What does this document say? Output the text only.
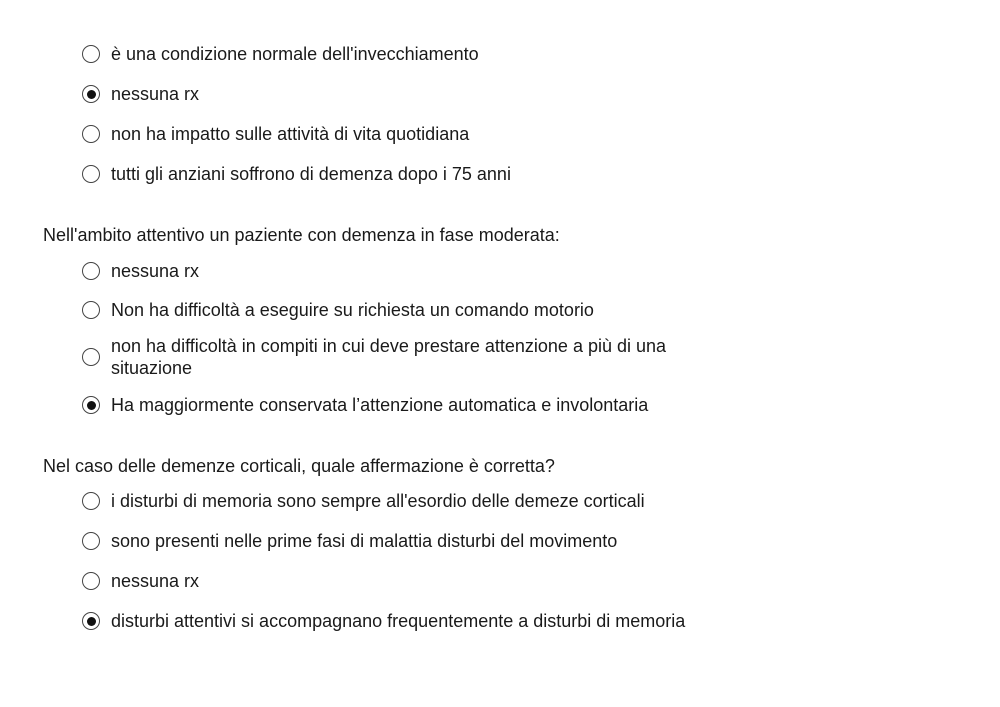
è una condizione normale dell'invecchiamento
nessuna rx
non ha impatto sulle attività di vita quotidiana
tutti gli anziani soffrono di demenza dopo i 75 anni
Nell'ambito attentivo un paziente con demenza in fase moderata:
nessuna rx
Non ha difficoltà a eseguire su richiesta un comando motorio
non ha difficoltà in compiti in cui deve prestare attenzione a più di una situazione
Ha maggiormente conservata l’attenzione automatica e involontaria
Nel caso delle demenze corticali, quale affermazione è corretta?
i disturbi di memoria sono sempre all'esordio delle demeze corticali
sono presenti nelle prime fasi di malattia disturbi del movimento
nessuna rx
disturbi attentivi si accompagnano frequentemente a disturbi di memoria
